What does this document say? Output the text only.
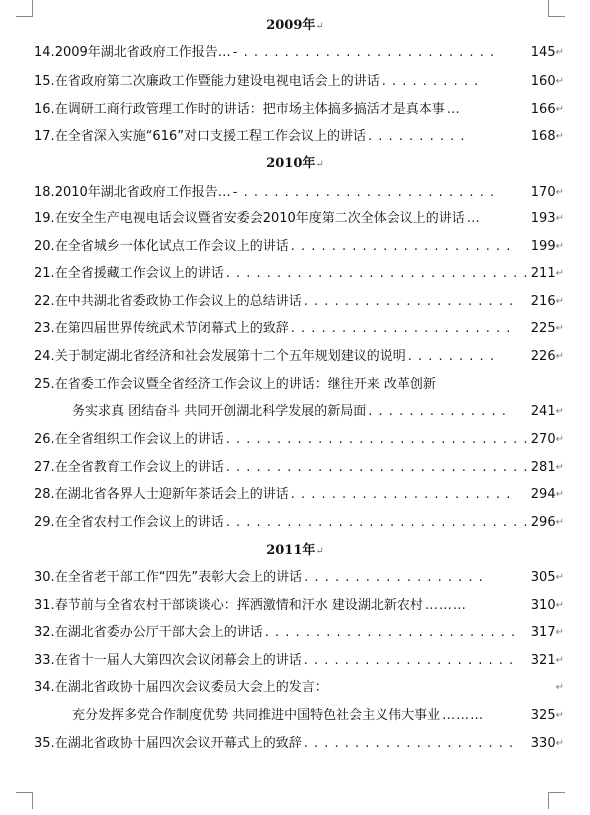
2009年↵
2010年↵
2011年↵
14. 2009年湖北省政府工作报告… - . . . . . . . . . . . . . . . . . . . . . . . . .	145 ↵
15. 在省政府第二次廉政工作暨能力建设电视电话会上的讲话 . . . . . . . . . .	160 ↵
16. 在调研工商行政管理工作时的讲话：把市场主体搞多搞活才是真本事 …	166 ↵
17. 在全省深入实施“616”对口支援工程工作会议上的讲话 . . . . . . . . . .	168 ↵
18. 2010年湖北省政府工作报告… - . . . . . . . . . . . . . . . . . . . . . . . . .	170 ↵
19. 在安全生产电视电话会议暨省安委会2010年度第二次全体会议上的讲话 …	193 ↵
20. 在全省城乡一体化试点工作会议上的讲话 . . . . . . . . . . . . . . . . . . . . . .	199 ↵
21. 在全省援藏工作会议上的讲话 . . . . . . . . . . . . . . . . . . . . . . . . . . . . . . 211 ↵
22. 在中共湖北省委政协工作会议上的总结讲话 . . . . . . . . . . . . . . . . . . . . .	216 ↵
23. 在第四届世界传统武术节闭幕式上的致辞 . . . . . . . . . . . . . . . . . . . . . .	225 ↵
24. 关于制定湖北省经济和社会发展第十二个五年规划建议的说明 . . . . . . . . .	226 ↵
25. 在省委工作会议暨全省经济工作会议上的讲话：继往开来 改革创新
务实求真 团结奋斗 共同开创湖北科学发展的新局面 . . . . . . . . . . . . . .	241 ↵
26. 在全省组织工作会议上的讲话 . . . . . . . . . . . . . . . . . . . . . . . . . . . . . . 270 ↵
27. 在全省教育工作会议上的讲话 . . . . . . . . . . . . . . . . . . . . . . . . . . . . . . 281 ↵
28. 在湖北省各界人士迎新年茶话会上的讲话 . . . . . . . . . . . . . . . . . . . . . .	294 ↵
29. 在全省农村工作会议上的讲话 . . . . . . . . . . . . . . . . . . . . . . . . . . . . . . 296 ↵
30. 在全省老干部工作“四先”表彰大会上的讲话 . . . . . . . . . . . . . . . . . .	305 ↵
31. 春节前与全省农村干部谈谈心：挥洒激情和汗水 建设湖北新农村 ………	310 ↵
32. 在湖北省委办公厅干部大会上的讲话 . . . . . . . . . . . . . . . . . . . . . . . . .	317 ↵
33. 在省十一届人大第四次会议闭幕会上的讲话 . . . . . . . . . . . . . . . . . . . . .	321 ↵
34. 在湖北省政协十届四次会议委员大会上的发言：	↵
充分发挥多党合作制度优势 共同推进中国特色社会主义伟大事业 ………	325 ↵
35. 在湖北省政协十届四次会议开幕式上的致辞 . . . . . . . . . . . . . . . . . . . . .	330 ↵
